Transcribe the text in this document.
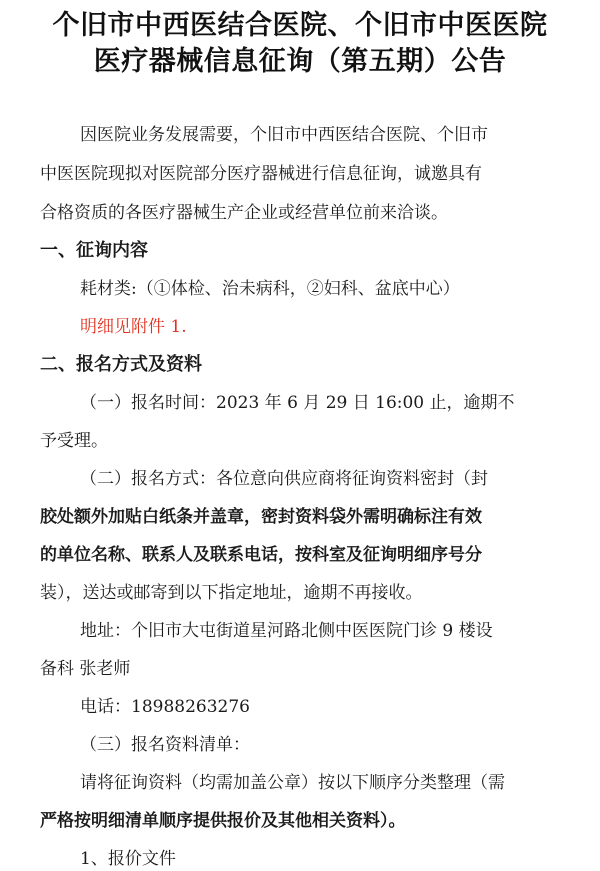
个旧市中西医结合医院、个旧市中医医院
医疗器械信息征询（第五期）公告
因医院业务发展需要，个旧市中西医结合医院、个旧市
中医医院现拟对医院部分医疗器械进行信息征询，诚邀具有
合格资质的各医疗器械生产企业或经营单位前来洽谈。
一、征询内容
耗材类:（①体检、治未病科，②妇科、盆底中心）
明细见附件 1.
二、报名方式及资料
（一）报名时间：2023 年 6 月 29 日 16:00 止，逾期不
予受理。
（二）报名方式：各位意向供应商将征询资料密封（封
胶处额外加贴白纸条并盖章，密封资料袋外需明确标注有效
的单位名称、联系人及联系电话，按科室及征询明细序号分
装），送达或邮寄到以下指定地址，逾期不再接收。
地址：个旧市大屯街道星河路北侧中医医院门诊 9 楼设
备科 张老师
电话：18988263276
（三）报名资料清单：
请将征询资料（均需加盖公章）按以下顺序分类整理（需
严格按明细清单顺序提供报价及其他相关资料）。
1、报价文件
